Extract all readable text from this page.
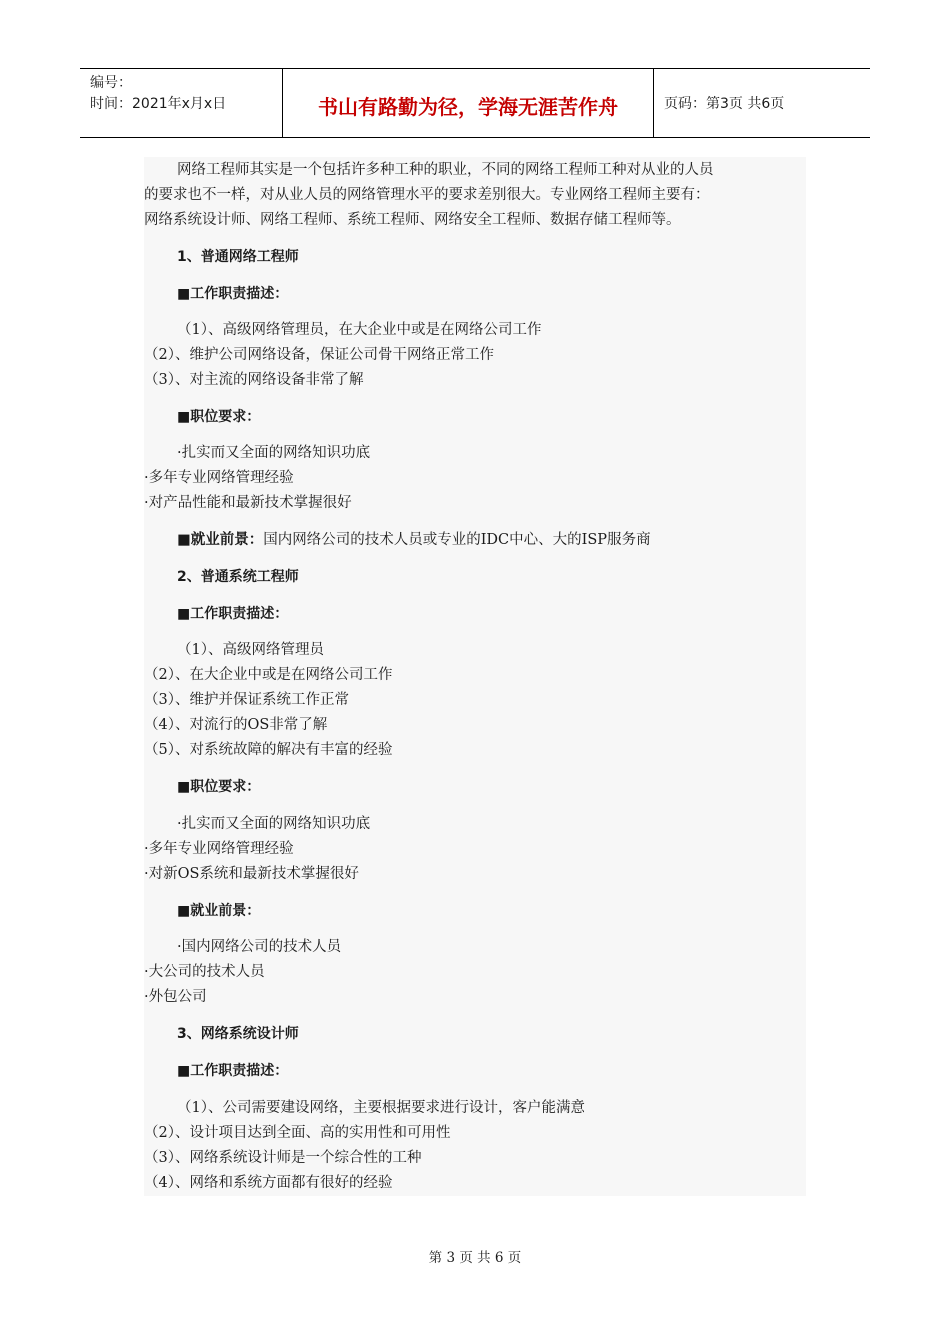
编号：
时间：2021年x月x日	书山有路勤为径，学海无涯苦作舟	页码：第3页 共6页
网络工程师其实是一个包括许多种工种的职业，不同的网络工程师工种对从业的人员
的要求也不一样，对从业人员的网络管理水平的要求差别很大。专业网络工程师主要有：
网络系统设计师、网络工程师、系统工程师、网络安全工程师、数据存储工程师等。
1、普通网络工程师
■工作职责描述：
（1）、高级网络管理员，在大企业中或是在网络公司工作
（2）、维护公司网络设备，保证公司骨干网络正常工作
（3）、对主流的网络设备非常了解
■职位要求：
·扎实而又全面的网络知识功底
·多年专业网络管理经验
·对产品性能和最新技术掌握很好
■就业前景：国内网络公司的技术人员或专业的IDC中心、大的ISP服务商
2、普通系统工程师
■工作职责描述：
（1）、高级网络管理员
（2）、在大企业中或是在网络公司工作
（3）、维护并保证系统工作正常
（4）、对流行的OS非常了解
（5）、对系统故障的解决有丰富的经验
■职位要求：
·扎实而又全面的网络知识功底
·多年专业网络管理经验
·对新OS系统和最新技术掌握很好
■就业前景：
·国内网络公司的技术人员
·大公司的技术人员
·外包公司
3、网络系统设计师
■工作职责描述：
（1）、公司需要建设网络，主要根据要求进行设计，客户能满意
（2）、设计项目达到全面、高的实用性和可用性
（3）、网络系统设计师是一个综合性的工种
（4）、网络和系统方面都有很好的经验
第 3 页 共 6 页
